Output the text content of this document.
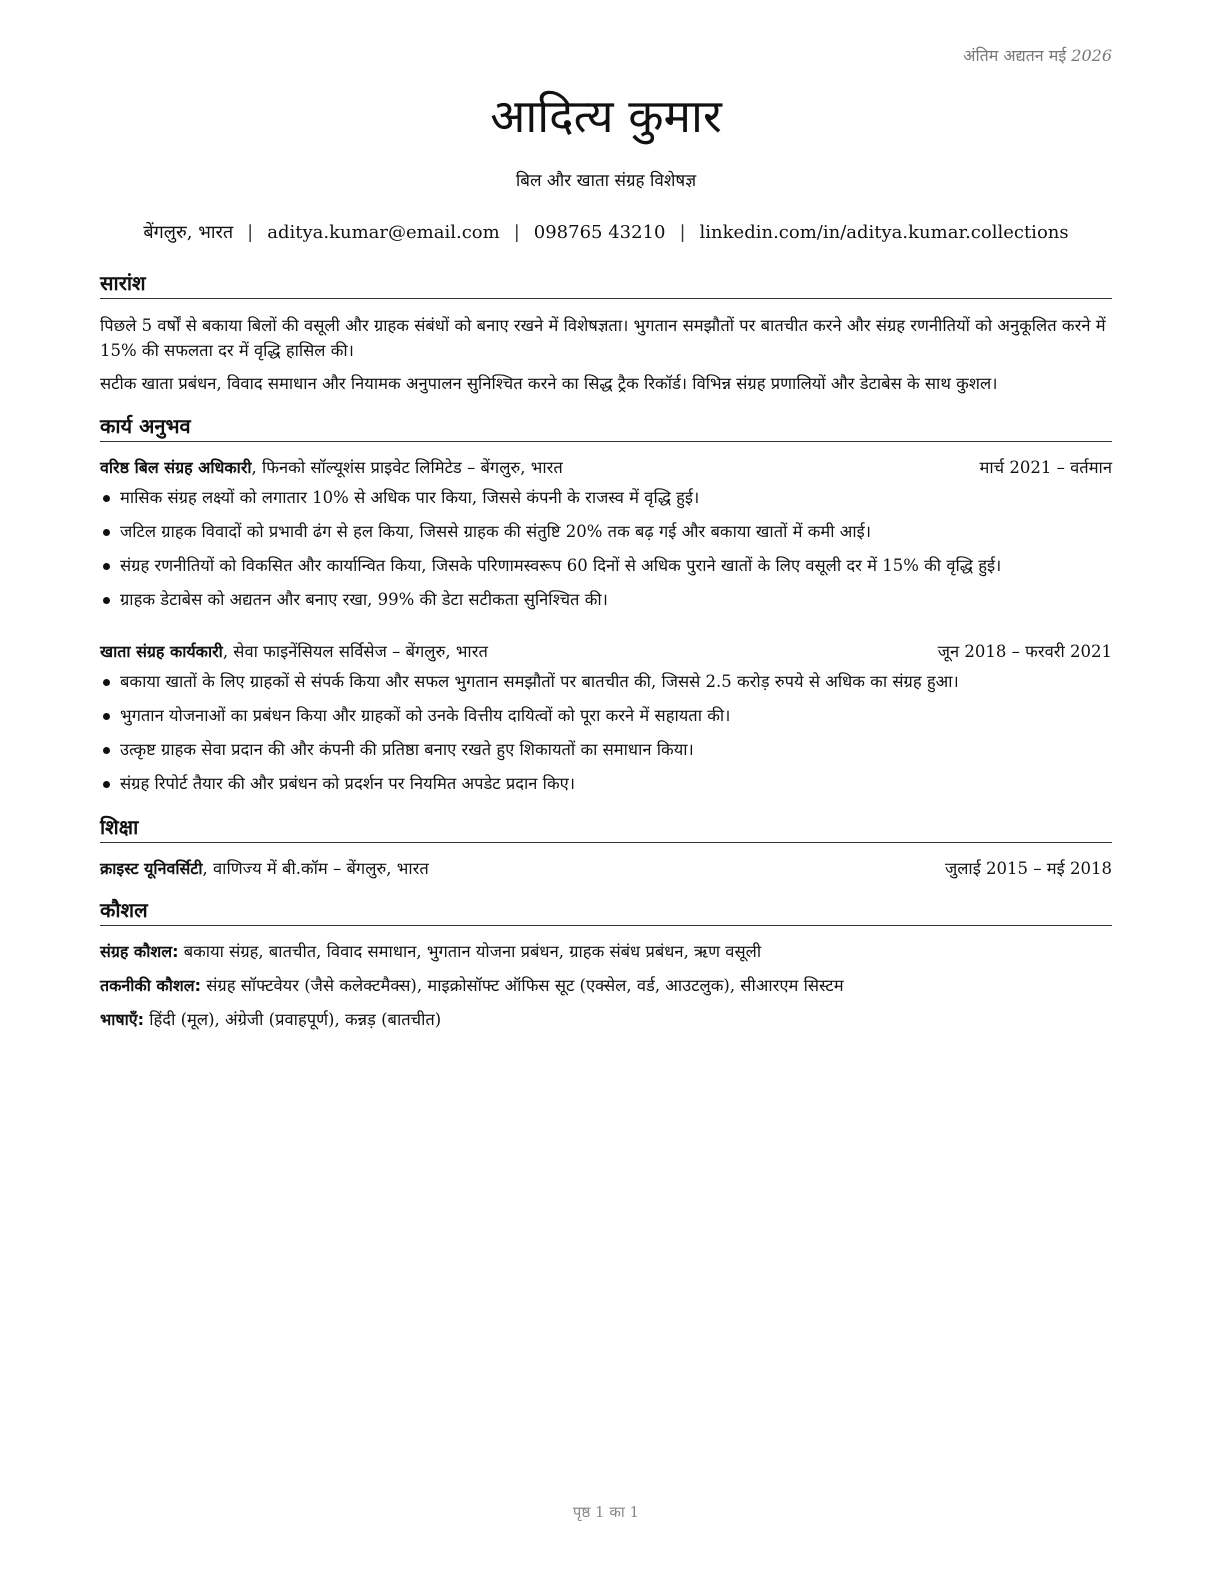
अंतिम अद्यतन मई 2026
आदित्य कुमार
बिल और खाता संग्रह विशेषज्ञ
बेंगलुरु, भारत | aditya.kumar@email.com | 098765 43210 | linkedin.com/in/aditya.kumar.collections
सारांश
पिछले 5 वर्षों से बकाया बिलों की वसूली और ग्राहक संबंधों को बनाए रखने में विशेषज्ञता। भुगतान समझौतों पर बातचीत करने और संग्रह रणनीतियों को अनुकूलित करने में 15% की सफलता दर में वृद्धि हासिल की।
सटीक खाता प्रबंधन, विवाद समाधान और नियामक अनुपालन सुनिश्चित करने का सिद्ध ट्रैक रिकॉर्ड। विभिन्न संग्रह प्रणालियों और डेटाबेस के साथ कुशल।
कार्य अनुभव
वरिष्ठ बिल संग्रह अधिकारी, फिनको सॉल्यूशंस प्राइवेट लिमिटेड – बेंगलुरु, भारत	मार्च 2021 – वर्तमान
मासिक संग्रह लक्ष्यों को लगातार 10% से अधिक पार किया, जिससे कंपनी के राजस्व में वृद्धि हुई।
जटिल ग्राहक विवादों को प्रभावी ढंग से हल किया, जिससे ग्राहक की संतुष्टि 20% तक बढ़ गई और बकाया खातों में कमी आई।
संग्रह रणनीतियों को विकसित और कार्यान्वित किया, जिसके परिणामस्वरूप 60 दिनों से अधिक पुराने खातों के लिए वसूली दर में 15% की वृद्धि हुई।
ग्राहक डेटाबेस को अद्यतन और बनाए रखा, 99% की डेटा सटीकता सुनिश्चित की।
खाता संग्रह कार्यकारी, सेवा फाइनेंसियल सर्विसेज – बेंगलुरु, भारत	जून 2018 – फरवरी 2021
बकाया खातों के लिए ग्राहकों से संपर्क किया और सफल भुगतान समझौतों पर बातचीत की, जिससे 2.5 करोड़ रुपये से अधिक का संग्रह हुआ।
भुगतान योजनाओं का प्रबंधन किया और ग्राहकों को उनके वित्तीय दायित्वों को पूरा करने में सहायता की।
उत्कृष्ट ग्राहक सेवा प्रदान की और कंपनी की प्रतिष्ठा बनाए रखते हुए शिकायतों का समाधान किया।
संग्रह रिपोर्ट तैयार की और प्रबंधन को प्रदर्शन पर नियमित अपडेट प्रदान किए।
शिक्षा
क्राइस्ट यूनिवर्सिटी, वाणिज्य में बी.कॉम – बेंगलुरु, भारत	जुलाई 2015 – मई 2018
कौशल
संग्रह कौशल: बकाया संग्रह, बातचीत, विवाद समाधान, भुगतान योजना प्रबंधन, ग्राहक संबंध प्रबंधन, ऋण वसूली
तकनीकी कौशल: संग्रह सॉफ्टवेयर (जैसे कलेक्टमैक्स), माइक्रोसॉफ्ट ऑफिस सूट (एक्सेल, वर्ड, आउटलुक), सीआरएम सिस्टम
भाषाएँ: हिंदी (मूल), अंग्रेजी (प्रवाहपूर्ण), कन्नड़ (बातचीत)
पृष्ठ 1 का 1
